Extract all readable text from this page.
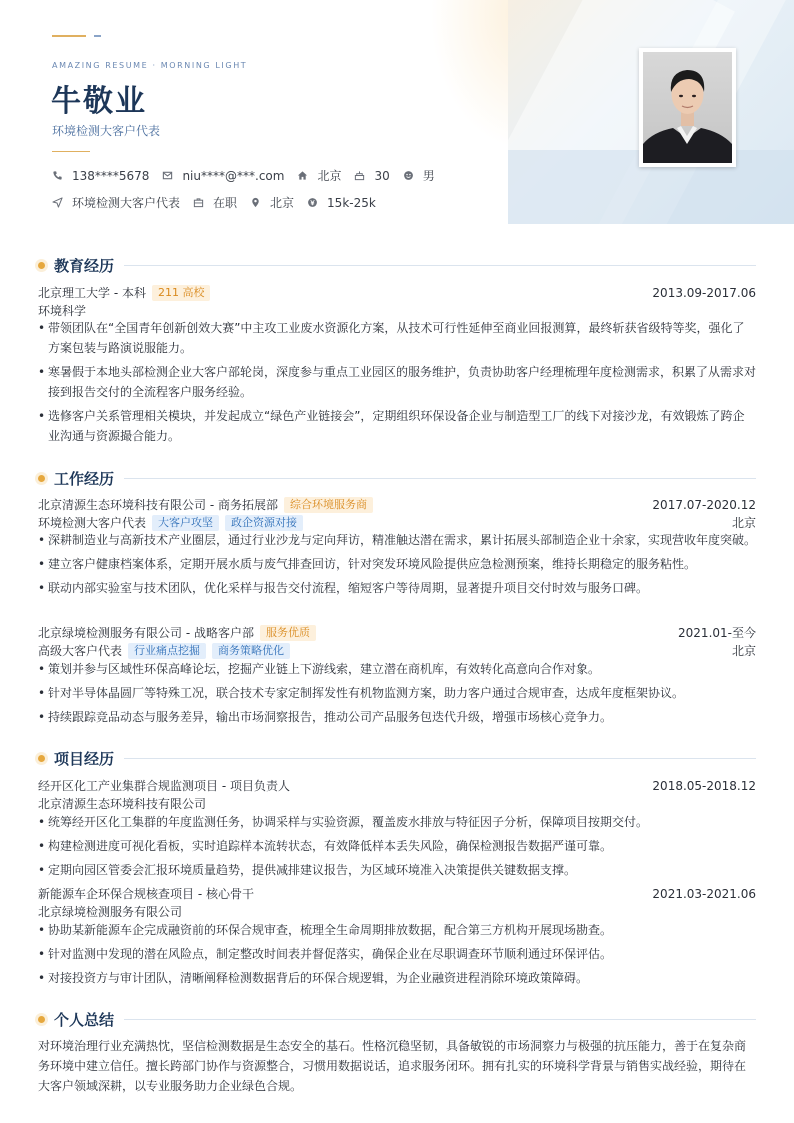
AMAZING RESUME · MORNING LIGHT
牛敬业
环境检测大客户代表
138****5678	niu****@***.com	北京	30	男
环境检测大客户代表	在职	北京	15k-25k
教育经历
北京理工大学 - 本科	211 高校	2013.09-2017.06
环境科学
• 带领团队在“全国青年创新创效大赛”中主攻工业废水资源化方案，从技术可行性延伸至商业回报测算，最终斩获省级特等奖，强化了方案包装与路演说服能力。
• 寒暑假于本地头部检测企业大客户部轮岗，深度参与重点工业园区的服务维护，负责协助客户经理梳理年度检测需求，积累了从需求对接到报告交付的全流程客户服务经验。
• 选修客户关系管理相关模块，并发起成立“绿色产业链接会”，定期组织环保设备企业与制造型工厂的线下对接沙龙，有效锻炼了跨企业沟通与资源撮合能力。
工作经历
北京清源生态环境科技有限公司 - 商务拓展部	综合环境服务商	2017.07-2020.12
环境检测大客户代表	大客户攻坚	政企资源对接	北京
• 深耕制造业与高新技术产业圈层，通过行业沙龙与定向拜访，精准触达潜在需求，累计拓展头部制造企业十余家，实现营收年度突破。
• 建立客户健康档案体系，定期开展水质与废气排查回访，针对突发环境风险提供应急检测预案，维持长期稳定的服务粘性。
• 联动内部实验室与技术团队，优化采样与报告交付流程，缩短客户等待周期，显著提升项目交付时效与服务口碑。
北京绿境检测服务有限公司 - 战略客户部	服务优质	2021.01-至今
高级大客户代表	行业痛点挖掘	商务策略优化	北京
• 策划并参与区域性环保高峰论坛，挖掘产业链上下游线索，建立潜在商机库，有效转化高意向合作对象。
• 针对半导体晶圆厂等特殊工况，联合技术专家定制挥发性有机物监测方案，助力客户通过合规审查，达成年度框架协议。
• 持续跟踪竞品动态与服务差异，输出市场洞察报告，推动公司产品服务包迭代升级，增强市场核心竞争力。
项目经历
经开区化工产业集群合规监测项目 - 项目负责人	2018.05-2018.12
北京清源生态环境科技有限公司
• 统筹经开区化工集群的年度监测任务，协调采样与实验资源，覆盖废水排放与特征因子分析，保障项目按期交付。
• 构建检测进度可视化看板，实时追踪样本流转状态，有效降低样本丢失风险，确保检测报告数据严谨可靠。
• 定期向园区管委会汇报环境质量趋势，提供减排建议报告，为区域环境准入决策提供关键数据支撑。
新能源车企环保合规核查项目 - 核心骨干	2021.03-2021.06
北京绿境检测服务有限公司
• 协助某新能源车企完成融资前的环保合规审查，梳理全生命周期排放数据，配合第三方机构开展现场勘查。
• 针对监测中发现的潜在风险点，制定整改时间表并督促落实，确保企业在尽职调查环节顺利通过环保评估。
• 对接投资方与审计团队，清晰阐释检测数据背后的环保合规逻辑，为企业融资进程消除环境政策障碍。
个人总结
对环境治理行业充满热忱，坚信检测数据是生态安全的基石。性格沉稳坚韧，具备敏锐的市场洞察力与极强的抗压能力，善于在复杂商务环境中建立信任。擅长跨部门协作与资源整合，习惯用数据说话，追求服务闭环。拥有扎实的环境科学背景与销售实战经验，期待在大客户领域深耕，以专业服务助力企业绿色合规。
